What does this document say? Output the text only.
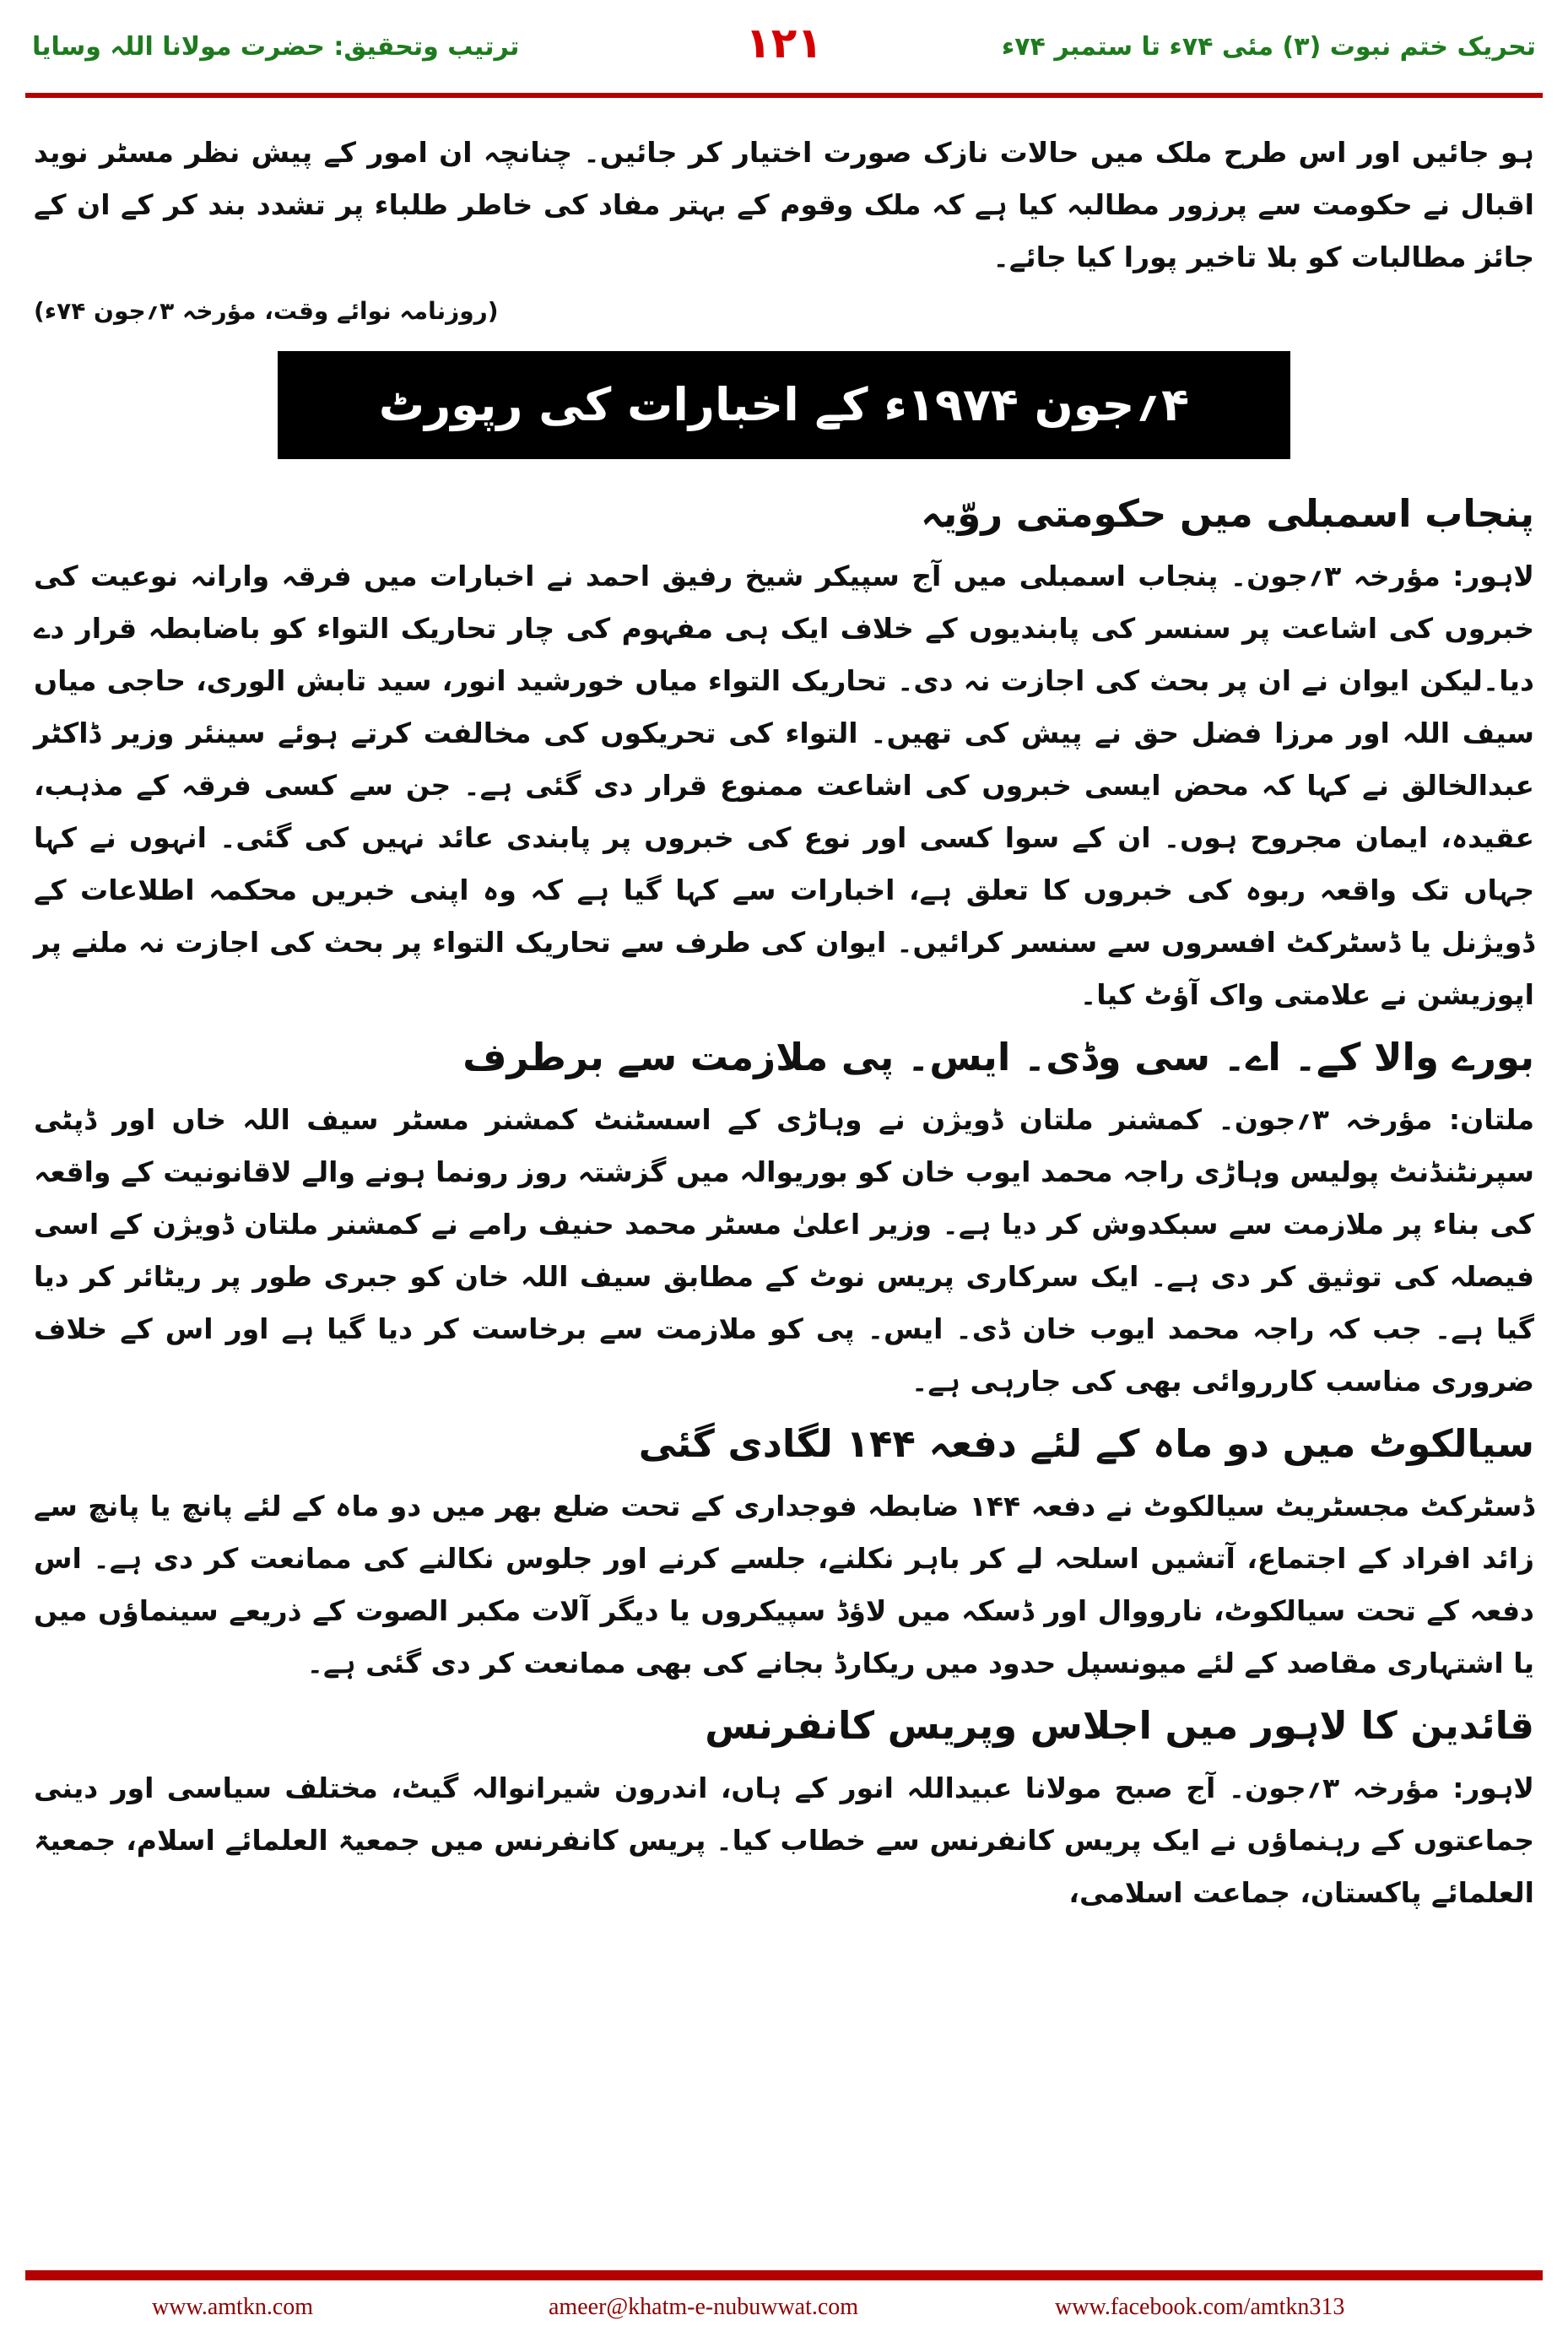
ترتیب وتحقیق: حضرت مولانا اللہ وسایا	۱۲۱	تحریک ختم نبوت (۳) مئی ۷۴ء تا ستمبر ۷۴ء

ہو جائیں اور اس طرح ملک میں حالات نازک صورت اختیار کر جائیں۔ چنانچہ ان امور کے پیش نظر مسٹر نوید اقبال نے حکومت سے پرزور مطالبہ کیا ہے کہ ملک وقوم کے بہتر مفاد کی خاطر طلباء پر تشدد بند کر کے ان کے جائز مطالبات کو بلا تاخیر پورا کیا جائے۔

(روزنامہ نوائے وقت، مؤرخہ ۳؍جون ۷۴ء)

۴؍جون ۱۹۷۴ء کے اخبارات کی رپورٹ
پنجاب اسمبلی میں حکومتی روّیہ

لاہور: مؤرخہ ۳؍جون۔ پنجاب اسمبلی میں آج سپیکر شیخ رفیق احمد نے اخبارات میں فرقہ وارانہ نوعیت کی خبروں کی اشاعت پر سنسر کی پابندیوں کے خلاف ایک ہی مفہوم کی چار تحاریک التواء کو باضابطہ قرار دے دیا۔لیکن ایوان نے ان پر بحث کی اجازت نہ دی۔ تحاریک التواء میاں خورشید انور، سید تابش الوری، حاجی میاں سیف اللہ اور مرزا فضل حق نے پیش کی تھیں۔ التواء کی تحریکوں کی مخالفت کرتے ہوئے سینئر وزیر ڈاکٹر عبدالخالق نے کہا کہ محض ایسی خبروں کی اشاعت ممنوع قرار دی گئی ہے۔ جن سے کسی فرقہ کے مذہب، عقیدہ، ایمان مجروح ہوں۔ ان کے سوا کسی اور نوع کی خبروں پر پابندی عائد نہیں کی گئی۔ انہوں نے کہا جہاں تک واقعہ ربوہ کی خبروں کا تعلق ہے، اخبارات سے کہا گیا ہے کہ وہ اپنی خبریں محکمہ اطلاعات کے ڈویژنل یا ڈسٹرکٹ افسروں سے سنسر کرائیں۔ ایوان کی طرف سے تحاریک التواء پر بحث کی اجازت نہ ملنے پر اپوزیشن نے علامتی واک آؤٹ کیا۔

بورے والا کے۔ اے۔ سی وڈی۔ ایس۔ پی ملازمت سے برطرف

ملتان: مؤرخہ ۳؍جون۔ کمشنر ملتان ڈویژن نے وہاڑی کے اسسٹنٹ کمشنر مسٹر سیف اللہ خاں اور ڈپٹی سپرنٹنڈنٹ پولیس وہاڑی راجہ محمد ایوب خان کو بوریوالہ میں گزشتہ روز رونما ہونے والے لاقانونیت کے واقعہ کی بناء پر ملازمت سے سبکدوش کر دیا ہے۔ وزیر اعلیٰ مسٹر محمد حنیف رامے نے کمشنر ملتان ڈویژن کے اسی فیصلہ کی توثیق کر دی ہے۔ ایک سرکاری پریس نوٹ کے مطابق سیف اللہ خان کو جبری طور پر ریٹائر کر دیا گیا ہے۔ جب کہ راجہ محمد ایوب خان ڈی۔ ایس۔ پی کو ملازمت سے برخاست کر دیا گیا ہے اور اس کے خلاف ضروری مناسب کارروائی بھی کی جارہی ہے۔

سیالکوٹ میں دو ماہ کے لئے دفعہ ۱۴۴ لگادی گئی

ڈسٹرکٹ مجسٹریٹ سیالکوٹ نے دفعہ ۱۴۴ ضابطہ فوجداری کے تحت ضلع بھر میں دو ماہ کے لئے پانچ یا پانچ سے زائد افراد کے اجتماع، آتشیں اسلحہ لے کر باہر نکلنے، جلسے کرنے اور جلوس نکالنے کی ممانعت کر دی ہے۔ اس دفعہ کے تحت سیالکوٹ، نارووال اور ڈسکہ میں لاؤڈ سپیکروں یا دیگر آلات مکبر الصوت کے ذریعے سینماؤں میں یا اشتہاری مقاصد کے لئے میونسپل حدود میں ریکارڈ بجانے کی بھی ممانعت کر دی گئی ہے۔

قائدین کا لاہور میں اجلاس وپریس کانفرنس

لاہور: مؤرخہ ۳؍جون۔ آج صبح مولانا عبیداللہ انور کے ہاں، اندرون شیرانوالہ گیٹ، مختلف سیاسی اور دینی جماعتوں کے رہنماؤں نے ایک پریس کانفرنس سے خطاب کیا۔ پریس کانفرنس میں جمعیۃ العلمائے اسلام، جمعیۃ العلمائے پاکستان، جماعت اسلامی،

www.amtkn.com	ameer@khatm-e-nubuwwat.com	www.facebook.com/amtkn313
